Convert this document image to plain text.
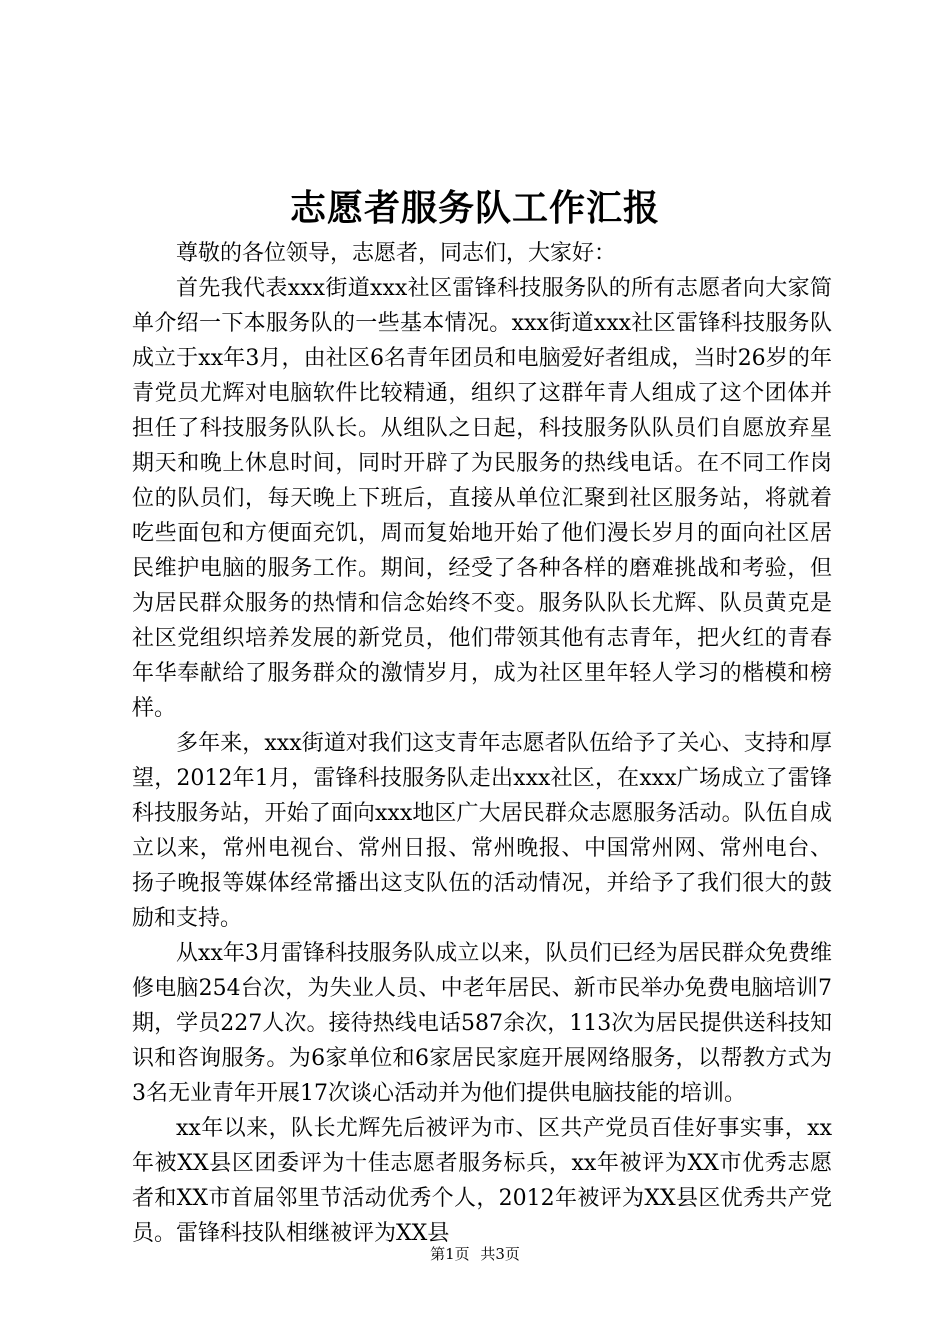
志愿者服务队工作汇报

尊敬的各位领导，志愿者，同志们，大家好：

首先我代表xxx街道xxx社区雷锋科技服务队的所有志愿者向大家简单介绍一下本服务队的一些基本情况。xxx街道xxx社区雷锋科技服务队成立于xx年3月，由社区6名青年团员和电脑爱好者组成，当时26岁的年青党员尤辉对电脑软件比较精通，组织了这群年青人组成了这个团体并担任了科技服务队队长。从组队之日起，科技服务队队员们自愿放弃星期天和晚上休息时间，同时开辟了为民服务的热线电话。在不同工作岗位的队员们，每天晚上下班后，直接从单位汇聚到社区服务站，将就着吃些面包和方便面充饥，周而复始地开始了他们漫长岁月的面向社区居民维护电脑的服务工作。期间，经受了各种各样的磨难挑战和考验，但为居民群众服务的热情和信念始终不变。服务队队长尤辉、队员黄克是社区党组织培养发展的新党员，他们带领其他有志青年，把火红的青春年华奉献给了服务群众的激情岁月，成为社区里年轻人学习的楷模和榜样。

多年来，xxx街道对我们这支青年志愿者队伍给予了关心、支持和厚望，2012年1月，雷锋科技服务队走出xxx社区，在xxx广场成立了雷锋科技服务站，开始了面向xxx地区广大居民群众志愿服务活动。队伍自成立以来，常州电视台、常州日报、常州晚报、中国常州网、常州电台、扬子晚报等媒体经常播出这支队伍的活动情况，并给予了我们很大的鼓励和支持。

从xx年3月雷锋科技服务队成立以来，队员们已经为居民群众免费维修电脑254台次，为失业人员、中老年居民、新市民举办免费电脑培训7期，学员227人次。接待热线电话587余次，113次为居民提供送科技知识和咨询服务。为6家单位和6家居民家庭开展网络服务，以帮教方式为3名无业青年开展17次谈心活动并为他们提供电脑技能的培训。

xx年以来，队长尤辉先后被评为市、区共产党员百佳好事实事，xx年被XX县区团委评为十佳志愿者服务标兵，xx年被评为XX市优秀志愿者和XX市首届邻里节活动优秀个人，2012年被评为XX县区优秀共产党员。雷锋科技队相继被评为XX县

第1页 共3页
